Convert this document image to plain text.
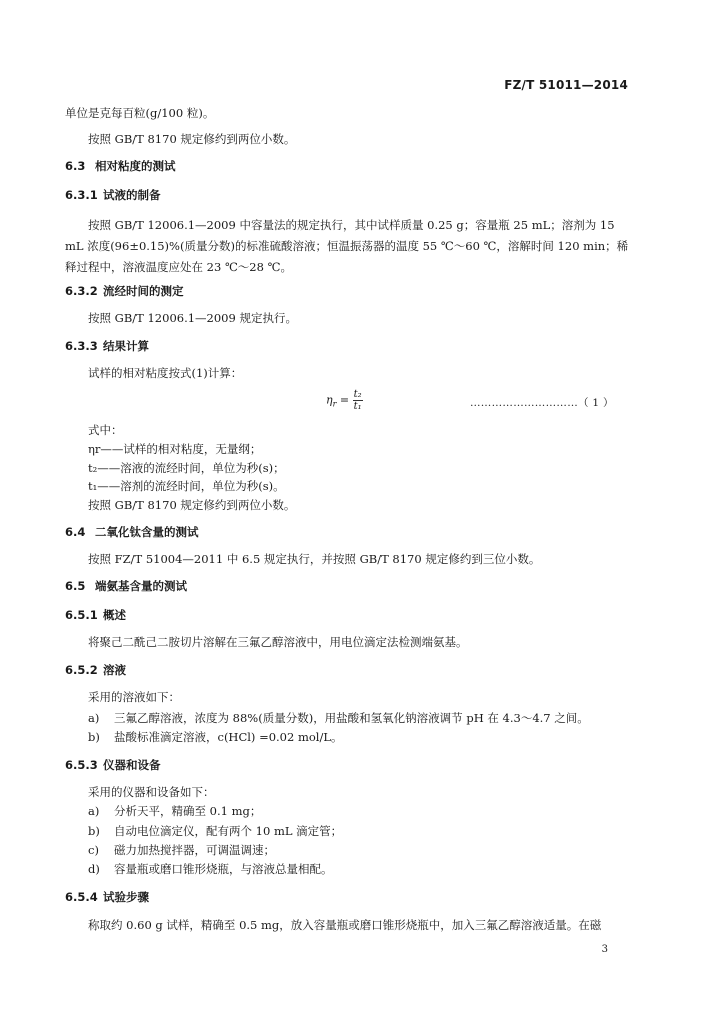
FZ/T 51011—2014
单位是克每百粒(g/100 粒)。
按照 GB/T 8170 规定修约到两位小数。
6.3 相对粘度的测试
6.3.1 试液的制备
按照 GB/T 12006.1—2009 中容量法的规定执行，其中试样质量 0.25 g；容量瓶 25 mL；溶剂为 15 mL 浓度(96±0.15)%(质量分数)的标准硫酸溶液；恒温振荡器的温度 55 ℃～60 ℃，溶解时间 120 min；稀释过程中，溶液温度应处在 23 ℃～28 ℃。
6.3.2 流经时间的测定
按照 GB/T 12006.1—2009 规定执行。
6.3.3 结果计算
试样的相对粘度按式(1)计算：
$\eta_r = \frac{\text{t₂}}{\text{t₁}}$	…………………………（ 1 ）
式中：
ηr——试样的相对粘度，无量纲；
t₂——溶液的流经时间，单位为秒(s)；
t₁——溶剂的流经时间，单位为秒(s)。
按照 GB/T 8170 规定修约到两位小数。
6.4 二氧化钛含量的测试
按照 FZ/T 51004—2011 中 6.5 规定执行，并按照 GB/T 8170 规定修约到三位小数。
6.5 端氨基含量的测试
6.5.1 概述
将聚己二酰己二胺切片溶解在三氟乙醇溶液中，用电位滴定法检测端氨基。
6.5.2 溶液
采用的溶液如下：
a) 三氟乙醇溶液，浓度为 88%(质量分数)，用盐酸和氢氧化钠溶液调节 pH 在 4.3～4.7 之间。
b) 盐酸标准滴定溶液，c(HCl) =0.02 mol/L。
6.5.3 仪器和设备
采用的仪器和设备如下：
a) 分析天平，精确至 0.1 mg；
b) 自动电位滴定仪，配有两个 10 mL 滴定管；
c) 磁力加热搅拌器，可调温调速；
d) 容量瓶或磨口锥形烧瓶，与溶液总量相配。
6.5.4 试验步骤
称取约 0.60 g 试样，精确至 0.5 mg，放入容量瓶或磨口锥形烧瓶中，加入三氟乙醇溶液适量。在磁
3
